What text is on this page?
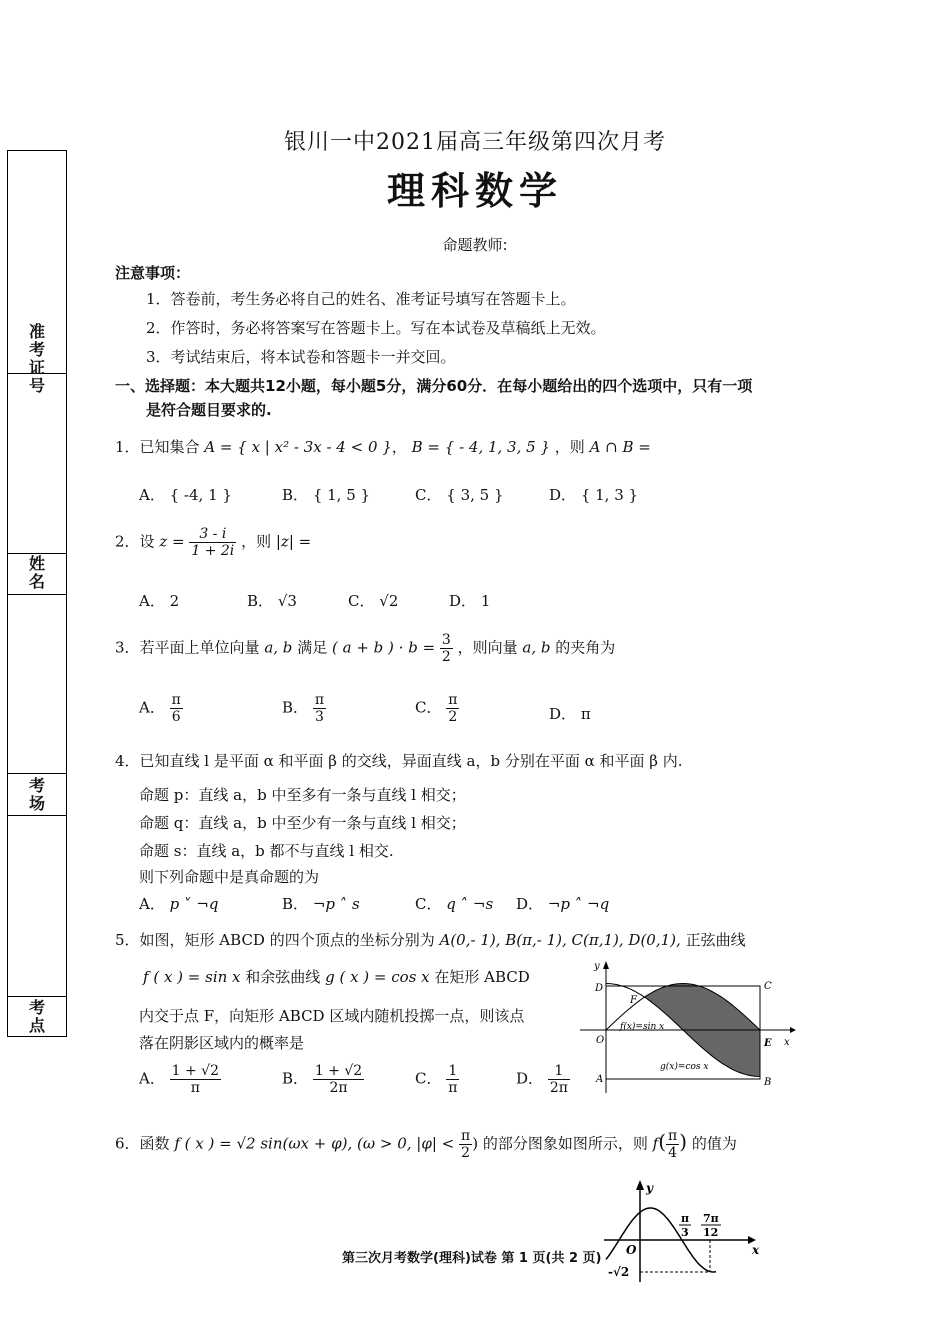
准考证号
姓名
考场
考点
银川一中2021届高三年级第四次月考
理科数学
命题教师:
注意事项：
1．答卷前，考生务必将自己的姓名、准考证号填写在答题卡上。
2．作答时，务必将答案写在答题卡上。写在本试卷及草稿纸上无效。
3．考试结束后，将本试卷和答题卡一并交回。
一、选择题：本大题共12小题，每小题5分，满分60分．在每小题给出的四个选项中，只有一项
是符合题目要求的.
1．已知集合 A = { x | x² - 3x - 4 < 0 }， B = { - 4, 1, 3, 5 } ，则 A ∩ B =
A． { -4, 1 }	B． { 1, 5 }	C． { 3, 5 }	D． { 1, 3 }
2．设 $z = \frac{3 - i}{1 + 2i}$ ，则 |z| =
A． 2	B． √3	C． √2	D． 1
3．若平面上单位向量 a, b 满足 ( a + b ) · $b = \frac{3}{2}$ ，则向量 a, b 的夹角为
A． $\frac{\pi}{6}$	B． $\frac{\pi}{3}$	C． $\frac{\pi}{2}$	D． π
4．已知直线 l 是平面 α 和平面 β 的交线，异面直线 a，b 分别在平面 α 和平面 β 内.
命题 p：直线 a，b 中至多有一条与直线 l 相交；
命题 q：直线 a，b 中至少有一条与直线 l 相交；
命题 s：直线 a，b 都不与直线 l 相交.
则下列命题中是真命题的为
A． p ˅ ¬q	B． ¬p ˄ s	C． q ˄ ¬s D． ¬p ˄ ¬q
5．如图，矩形 ABCD 的四个顶点的坐标分别为 A(0,- 1), B(π,- 1), C(π,1), D(0,1), 正弦曲线
f ( x ) = sin x 和余弦曲线 g ( x ) = cos x 在矩形 ABCD
内交于点 F，向矩形 ABCD 区域内随机投掷一点，则该点
落在阴影区域内的概率是
A． $\frac{1 + √2}{\pi}$	B． $\frac{1 + √2}{2\pi}$	C． $\frac{1}{\pi}$	D． $\frac{1}{2\pi}$
y
x
D	C
F
O	E
A	B
f(x)=sin x
g(x)=cos x
6．函数 f ( x ) = √2 sin(ωx + φ), (ω > 0, $|\varphi| < \frac{\pi}{2}$ ) 的部分图象如图所示，则 $f( \frac{\pi}{4}$ ) 的值为
y
x
O
π
3
7π
12
-√2
第三次月考数学(理科)试卷 第 1 页(共 2 页)
